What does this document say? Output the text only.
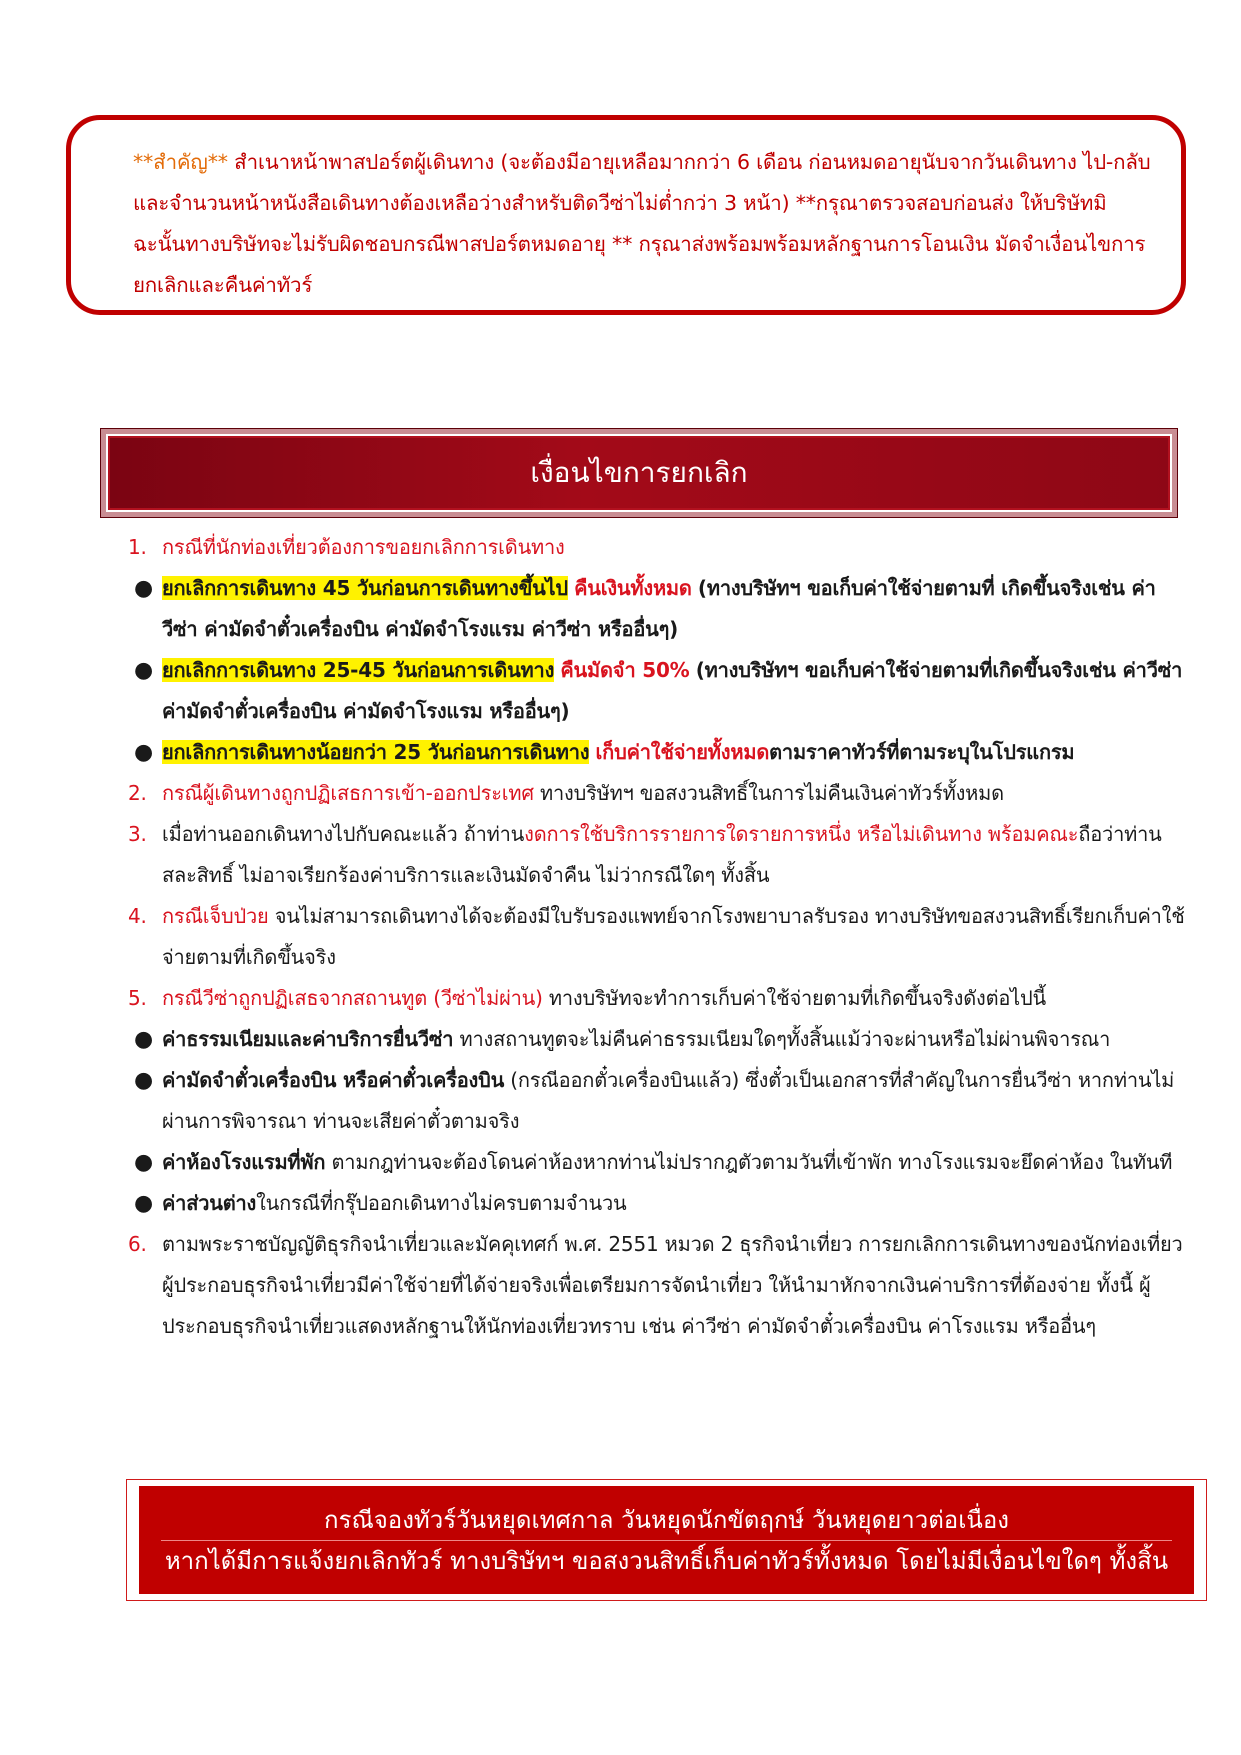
**สำคัญ** สำเนาหน้าพาสปอร์ตผู้เดินทาง (จะต้องมีอายุเหลือมากกว่า 6 เดือน ก่อนหมดอายุนับจากวันเดินทาง ไป-กลับและจำนวนหน้าหนังสือเดินทางต้องเหลือว่างสำหรับติดวีซ่าไม่ต่ำกว่า 3 หน้า) **กรุณาตรวจสอบก่อนส่ง ให้บริษัทมิฉะนั้นทางบริษัทจะไม่รับผิดชอบกรณีพาสปอร์ตหมดอายุ ** กรุณาส่งพร้อมพร้อมหลักฐานการโอนเงิน มัดจำเงื่อนไขการยกเลิกและคืนค่าทัวร์

เงื่อนไขการยกเลิก
1. กรณีที่นักท่องเที่ยวต้องการขอยกเลิกการเดินทาง
● ยกเลิกการเดินทาง 45 วันก่อนการเดินทางขึ้นไป คืนเงินทั้งหมด (ทางบริษัทฯ ขอเก็บค่าใช้จ่ายตามที่ เกิดขึ้นจริงเช่น ค่าวีซ่า ค่ามัดจำตั๋วเครื่องบิน ค่ามัดจำโรงแรม ค่าวีซ่า หรืออื่นๆ)
● ยกเลิกการเดินทาง 25-45 วันก่อนการเดินทาง คืนมัดจำ 50% (ทางบริษัทฯ ขอเก็บค่าใช้จ่ายตามที่เกิดขึ้นจริงเช่น ค่าวีซ่า ค่ามัดจำตั๋วเครื่องบิน ค่ามัดจำโรงแรม หรืออื่นๆ)
● ยกเลิกการเดินทางน้อยกว่า 25 วันก่อนการเดินทาง เก็บค่าใช้จ่ายทั้งหมดตามราคาทัวร์ที่ตามระบุในโปรแกรม
2. กรณีผู้เดินทางถูกปฏิเสธการเข้า-ออกประเทศ ทางบริษัทฯ ขอสงวนสิทธิ์ในการไม่คืนเงินค่าทัวร์ทั้งหมด
3. เมื่อท่านออกเดินทางไปกับคณะแล้ว ถ้าท่านงดการใช้บริการรายการใดรายการหนึ่ง หรือไม่เดินทาง พร้อมคณะถือว่าท่านสละสิทธิ์ ไม่อาจเรียกร้องค่าบริการและเงินมัดจำคืน ไม่ว่ากรณีใดๆ ทั้งสิ้น
4. กรณีเจ็บป่วย จนไม่สามารถเดินทางได้จะต้องมีใบรับรองแพทย์จากโรงพยาบาลรับรอง ทางบริษัทขอสงวนสิทธิ์เรียกเก็บค่าใช้จ่ายตามที่เกิดขึ้นจริง
5. กรณีวีซ่าถูกปฏิเสธจากสถานทูต (วีซ่าไม่ผ่าน) ทางบริษัทจะทำการเก็บค่าใช้จ่ายตามที่เกิดขึ้นจริงดังต่อไปนี้
● ค่าธรรมเนียมและค่าบริการยื่นวีซ่า ทางสถานทูตจะไม่คืนค่าธรรมเนียมใดๆทั้งสิ้นแม้ว่าจะผ่านหรือไม่ผ่านพิจารณา
● ค่ามัดจำตั๋วเครื่องบิน หรือค่าตั๋วเครื่องบิน (กรณีออกตั๋วเครื่องบินแล้ว) ซึ่งตั๋วเป็นเอกสารที่สำคัญในการยื่นวีซ่า หากท่านไม่ผ่านการพิจารณา ท่านจะเสียค่าตั๋วตามจริง
● ค่าห้องโรงแรมที่พัก ตามกฎท่านจะต้องโดนค่าห้องหากท่านไม่ปรากฎตัวตามวันที่เข้าพัก ทางโรงแรมจะยึดค่าห้อง ในทันที
● ค่าส่วนต่างในกรณีที่กรุ๊ปออกเดินทางไม่ครบตามจำนวน
6. ตามพระราชบัญญัติธุรกิจนำเที่ยวและมัคคุเทศก์ พ.ศ. 2551 หมวด 2 ธุรกิจนำเที่ยว การยกเลิกการเดินทางของนักท่องเที่ยว ผู้ประกอบธุรกิจนำเที่ยวมีค่าใช้จ่ายที่ได้จ่ายจริงเพื่อเตรียมการจัดนำเที่ยว ให้นำมาหักจากเงินค่าบริการที่ต้องจ่าย ทั้งนี้ ผู้ประกอบธุรกิจนำเที่ยวแสดงหลักฐานให้นักท่องเที่ยวทราบ เช่น ค่าวีซ่า ค่ามัดจำตั๋วเครื่องบิน ค่าโรงแรม หรืออื่นๆ
กรณีจองทัวร์วันหยุดเทศกาล วันหยุดนักขัตฤกษ์ วันหยุดยาวต่อเนื่อง
หากได้มีการแจ้งยกเลิกทัวร์ ทางบริษัทฯ ขอสงวนสิทธิ์เก็บค่าทัวร์ทั้งหมด โดยไม่มีเงื่อนไขใดๆ ทั้งสิ้น
